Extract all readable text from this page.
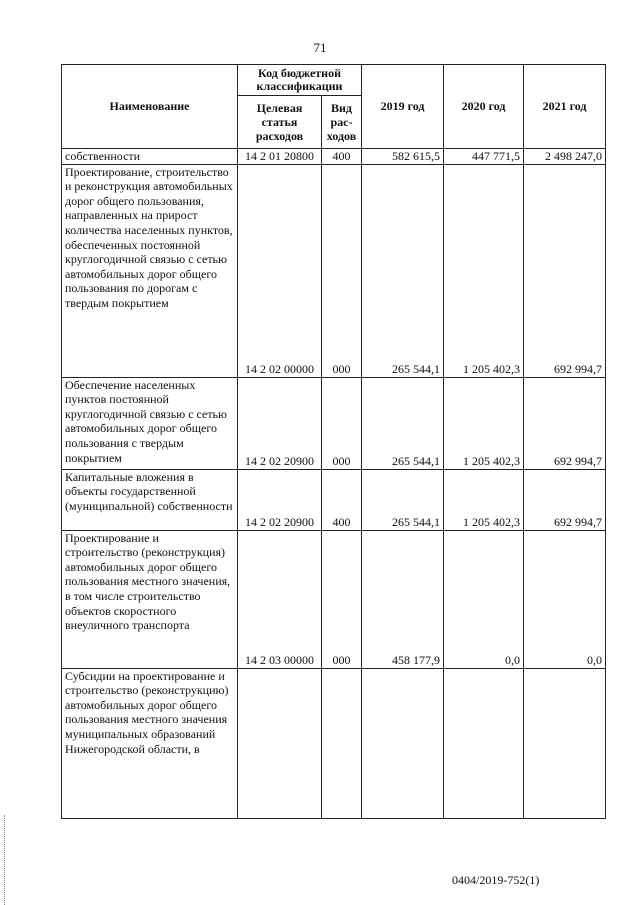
71
Наименование	Код бюджетной классификации		2019 год	2020 год	2021 год
	Целевая статья расходов	Вид рас-ходов			
собственности	14 2 01 20800	400	582 615,5	447 771,5	2 498 247,0
Проектирование, строительство и реконструкция автомобильных дорог общего пользования, направленных на прирост количества населенных пунктов, обеспеченных постоянной круглогодичной связью с сетью автомобильных дорог общего пользования по дорогам с твердым покрытием	14 2 02 00000	000	265 544,1	1 205 402,3	692 994,7
Обеспечение населенных пунктов постоянной круглогодичной связью с сетью автомобильных дорог общего пользования с твердым покрытием	14 2 02 20900	000	265 544,1	1 205 402,3	692 994,7
Капитальные вложения в объекты государственной (муниципальной) собственности	14 2 02 20900	400	265 544,1	1 205 402,3	692 994,7
Проектирование и строительство (реконструкция) автомобильных дорог общего пользования местного значения, в том числе строительство объектов скоростного внеуличного транспорта	14 2 03 00000	000	458 177,9	0,0	0,0
Субсидии на проектирование и строительство (реконструкцию) автомобильных дорог общего пользования местного значения муниципальных образований Нижегородской области, в					
0404/2019-752(1)
